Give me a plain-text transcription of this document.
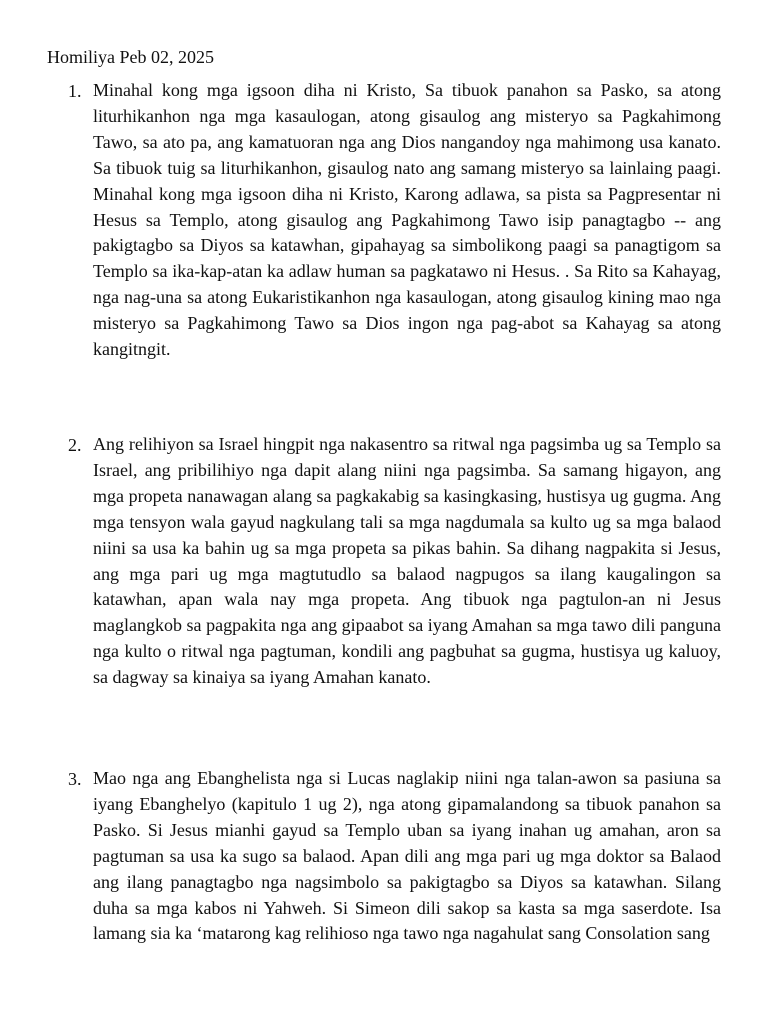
Homiliya Peb 02, 2025

1. Minahal kong mga igsoon diha ni Kristo, Sa tibuok panahon sa Pasko, sa atong liturhikanhon nga mga kasaulogan, atong gisaulog ang misteryo sa Pagkahimong Tawo, sa ato pa, ang kamatuoran nga ang Dios nangandoy nga mahimong usa kanato. Sa tibuok tuig sa liturhikanhon, gisaulog nato ang samang misteryo sa lainlaing paagi. Minahal kong mga igsoon diha ni Kristo, Karong adlawa, sa pista sa Pagpresentar ni Hesus sa Templo, atong gisaulog ang Pagkahimong Tawo isip panagtagbo -- ang pakigtagbo sa Diyos sa katawhan, gipahayag sa simbolikong paagi sa panagtigom sa Templo sa ika-kap-atan ka adlaw human sa pagkatawo ni Hesus. . Sa Rito sa Kahayag, nga nag-una sa atong Eukaristikanhon nga kasaulogan, atong gisaulog kining mao nga misteryo sa Pagkahimong Tawo sa Dios ingon nga pag-abot sa Kahayag sa atong kangitngit.

2. Ang relihiyon sa Israel hingpit nga nakasentro sa ritwal nga pagsimba ug sa Templo sa Israel, ang pribilihiyo nga dapit alang niini nga pagsimba. Sa samang higayon, ang mga propeta nanawagan alang sa pagkakabig sa kasingkasing, hustisya ug gugma. Ang mga tensyon wala gayud nagkulang tali sa mga nagdumala sa kulto ug sa mga balaod niini sa usa ka bahin ug sa mga propeta sa pikas bahin. Sa dihang nagpakita si Jesus, ang mga pari ug mga magtutudlo sa balaod nagpugos sa ilang kaugalingon sa katawhan, apan wala nay mga propeta. Ang tibuok nga pagtulon-an ni Jesus maglangkob sa pagpakita nga ang gipaabot sa iyang Amahan sa mga tawo dili panguna nga kulto o ritwal nga pagtuman, kondili ang pagbuhat sa gugma, hustisya ug kaluoy, sa dagway sa kinaiya sa iyang Amahan kanato.

3. Mao nga ang Ebanghelista nga si Lucas naglakip niini nga talan-awon sa pasiuna sa iyang Ebanghelyo (kapitulo 1 ug 2), nga atong gipamalandong sa tibuok panahon sa Pasko. Si Jesus mianhi gayud sa Templo uban sa iyang inahan ug amahan, aron sa pagtuman sa usa ka sugo sa balaod. Apan dili ang mga pari ug mga doktor sa Balaod ang ilang panagtagbo nga nagsimbolo sa pakigtagbo sa Diyos sa katawhan. Silang duha sa mga kabos ni Yahweh. Si Simeon dili sakop sa kasta sa mga saserdote. Isa lamang sia ka ‘matarong kag relihioso nga tawo nga nagahulat sang Consolation sang
